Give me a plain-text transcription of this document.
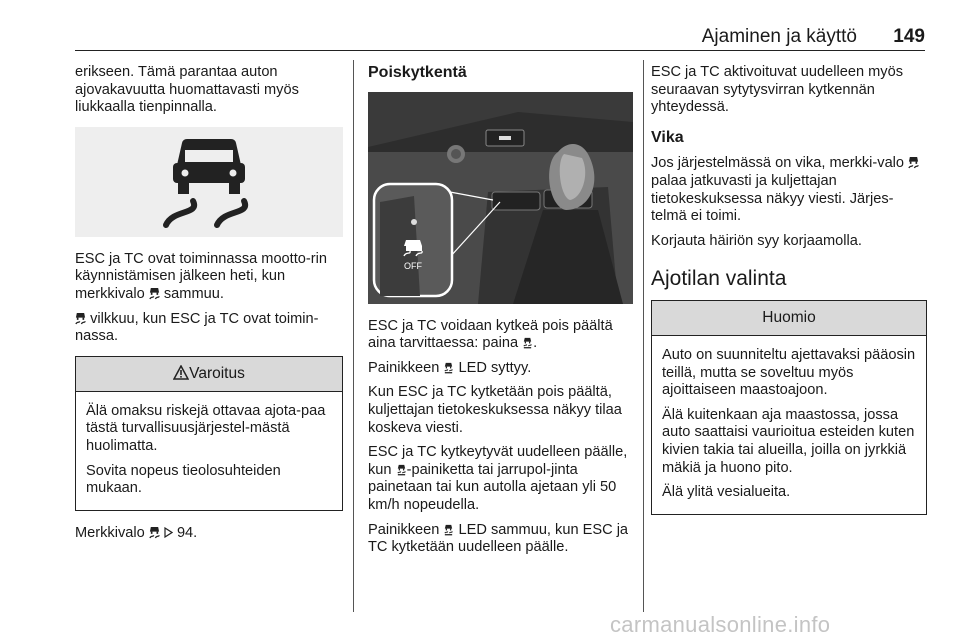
Ajaminen ja käyttö 149

erikseen. Tämä parantaa auton ajovakavuutta huomattavasti myös liukkaalla tienpinnalla.

ESC ja TC ovat toiminnassa mootto-rin käynnistämisen jälkeen heti, kun merkkivalo sammuu.

vilkkuu, kun ESC ja TC ovat toimin-nassa.

Varoitus

Älä omaksu riskejä ottavaa ajota-paa tästä turvallisuusjärjestel-mästä huolimatta.

Sovita nopeus tieolosuhteiden mukaan.

Merkkivalo 94.

Poiskytkentä
OFF

ESC ja TC voidaan kytkeä pois päältä aina tarvittaessa: paina .

Painikkeen LED syttyy.

Kun ESC ja TC kytketään pois päältä, kuljettajan tietokeskuksessa näkyy tilaa koskeva viesti.

ESC ja TC kytkeytyvät uudelleen päälle, kun -painiketta tai jarrupol-jinta painetaan tai kun autolla ajetaan yli 50 km/h nopeudella.

Painikkeen LED sammuu, kun ESC ja TC kytketään uudelleen päälle.

ESC ja TC aktivoituvat uudelleen myös seuraavan sytytysvirran kytkennän yhteydessä.

Vika

Jos järjestelmässä on vika, merkki-valo  palaa jatkuvasti ja kuljettajan tietokeskuksessa näkyy viesti. Järjes-telmä ei toimi.

Korjauta häiriön syy korjaamolla.

Ajotilan valinta
Huomio

Auto on suunniteltu ajettavaksi pääosin teillä, mutta se soveltuu myös ajoittaiseen maastoajoon.

Älä kuitenkaan aja maastossa, jossa auto saattaisi vaurioitua esteiden kuten kivien takia tai alueilla, joilla on jyrkkiä mäkiä ja huono pito.

Älä ylitä vesialueita.

carmanualsonline.info
